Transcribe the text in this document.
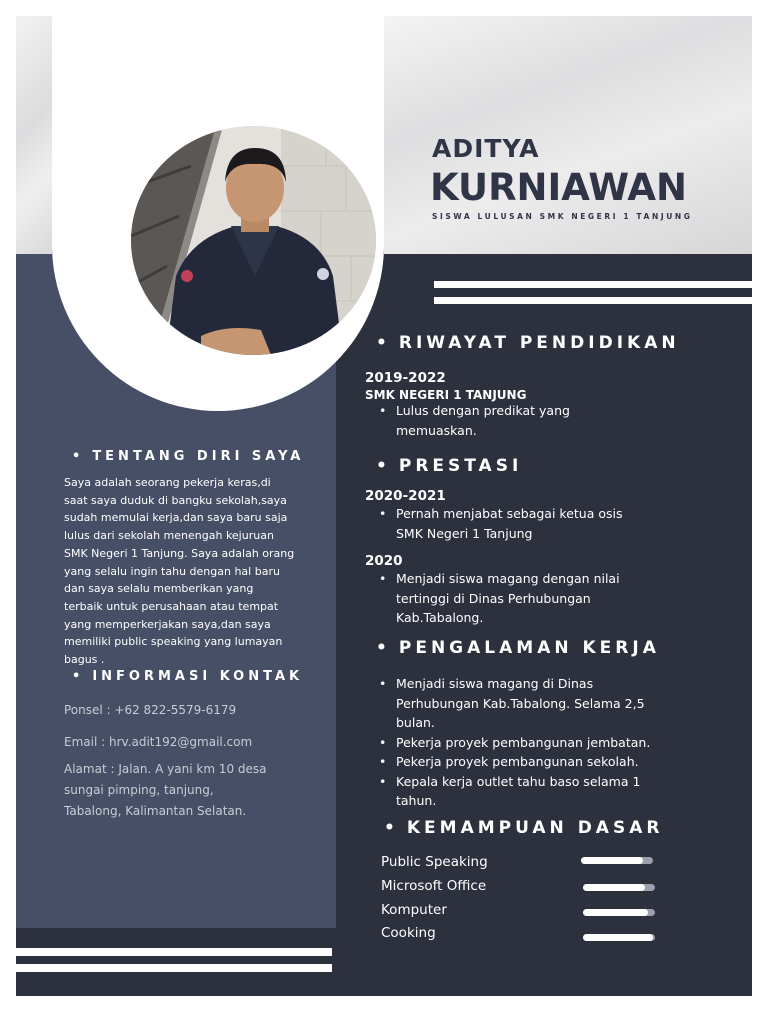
ADITYA
KURNIAWAN
SISWA LULUSAN SMK NEGERI 1 TANJUNG
• TENTANG DIRI SAYA
Saya adalah seorang pekerja keras,di
saat saya duduk di bangku sekolah,saya
sudah memulai kerja,dan saya baru saja
lulus dari sekolah menengah kejuruan
SMK Negeri 1 Tanjung. Saya adalah orang
yang selalu ingin tahu dengan hal baru
dan saya selalu memberikan yang
terbaik untuk perusahaan atau tempat
yang memperkerjakan saya,dan saya
memiliki public speaking yang lumayan
bagus .
• INFORMASI KONTAK
Ponsel : +62 822-5579-6179
Email : hrv.adit192@gmail.com
Alamat : Jalan. A yani km 10 desa
sungai pimping, tanjung,
Tabalong, Kalimantan Selatan.
• RIWAYAT PENDIDIKAN
2019-2022
SMK NEGERI 1 TANJUNG
• Lulus dengan predikat yang
memuaskan.
• PRESTASI
2020-2021
• Pernah menjabat sebagai ketua osis
SMK Negeri 1 Tanjung
2020
• Menjadi siswa magang dengan nilai
tertinggi di Dinas Perhubungan
Kab.Tabalong.
• PENGALAMAN KERJA
• Menjadi siswa magang di Dinas
Perhubungan Kab.Tabalong. Selama 2,5
bulan.
• Pekerja proyek pembangunan jembatan.
• Pekerja proyek pembangunan sekolah.
• Kepala kerja outlet tahu baso selama 1
tahun.
• KEMAMPUAN DASAR
Public Speaking
Microsoft Office
Komputer
Cooking
